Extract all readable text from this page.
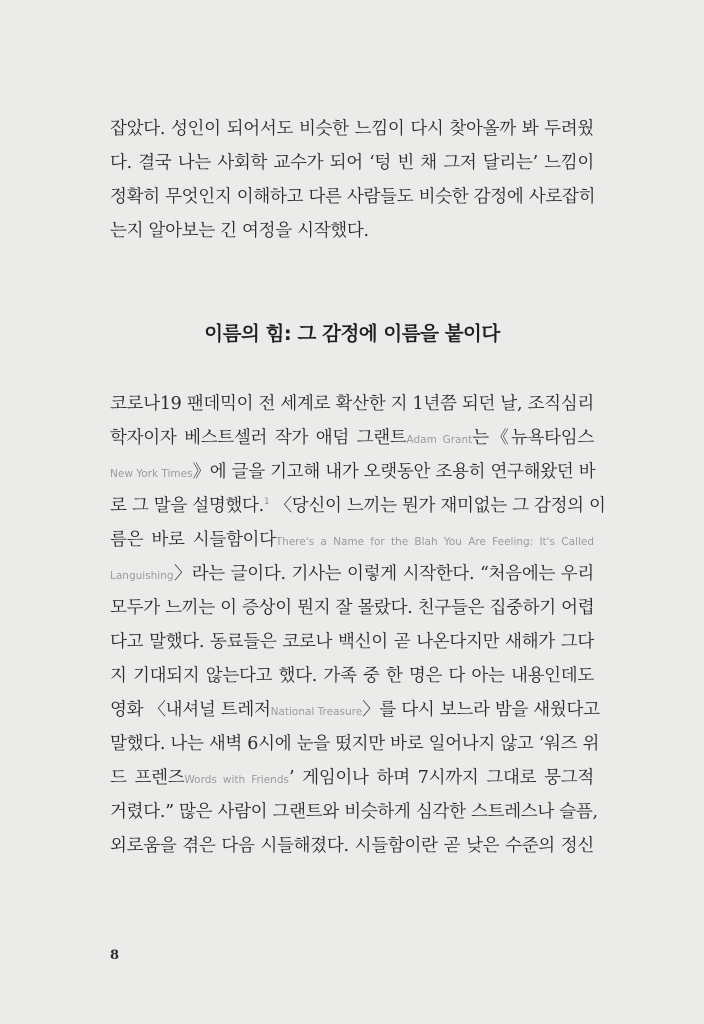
잡았다. 성인이 되어서도 비슷한 느낌이 다시 찾아올까 봐 두려웠
다. 결국 나는 사회학 교수가 되어 ‘텅 빈 채 그저 달리는’ 느낌이
정확히 무엇인지 이해하고 다른 사람들도 비슷한 감정에 사로잡히
는지 알아보는 긴 여정을 시작했다.
이름의 힘: 그 감정에 이름을 붙이다
코로나19 팬데믹이 전 세계로 확산한 지 1년쯤 되던 날, 조직심리
학자이자 베스트셀러 작가 애덤 그랜트Adam Grant는《뉴욕타임스
New York Times》에 글을 기고해 내가 오랫동안 조용히 연구해왔던 바
로 그 말을 설명했다.$^1$ 〈당신이 느끼는 뭔가 재미없는 그 감정의 이
름은 바로 시들함이다There's a Name for the Blah You Are Feeling: It's Called
Languishing〉라는 글이다. 기사는 이렇게 시작한다. “처음에는 우리
모두가 느끼는 이 증상이 뭔지 잘 몰랐다. 친구들은 집중하기 어렵
다고 말했다. 동료들은 코로나 백신이 곧 나온다지만 새해가 그다
지 기대되지 않는다고 했다. 가족 중 한 명은 다 아는 내용인데도
영화 〈내셔널 트레저National Treasure〉를 다시 보느라 밤을 새웠다고
말했다. 나는 새벽 6시에 눈을 떴지만 바로 일어나지 않고 ‘워즈 위
드 프렌즈Words with Friends’ 게임이나 하며 7시까지 그대로 뭉그적
거렸다.” 많은 사람이 그랜트와 비슷하게 심각한 스트레스나 슬픔,
외로움을 겪은 다음 시들해졌다. 시들함이란 곧 낮은 수준의 정신
8
